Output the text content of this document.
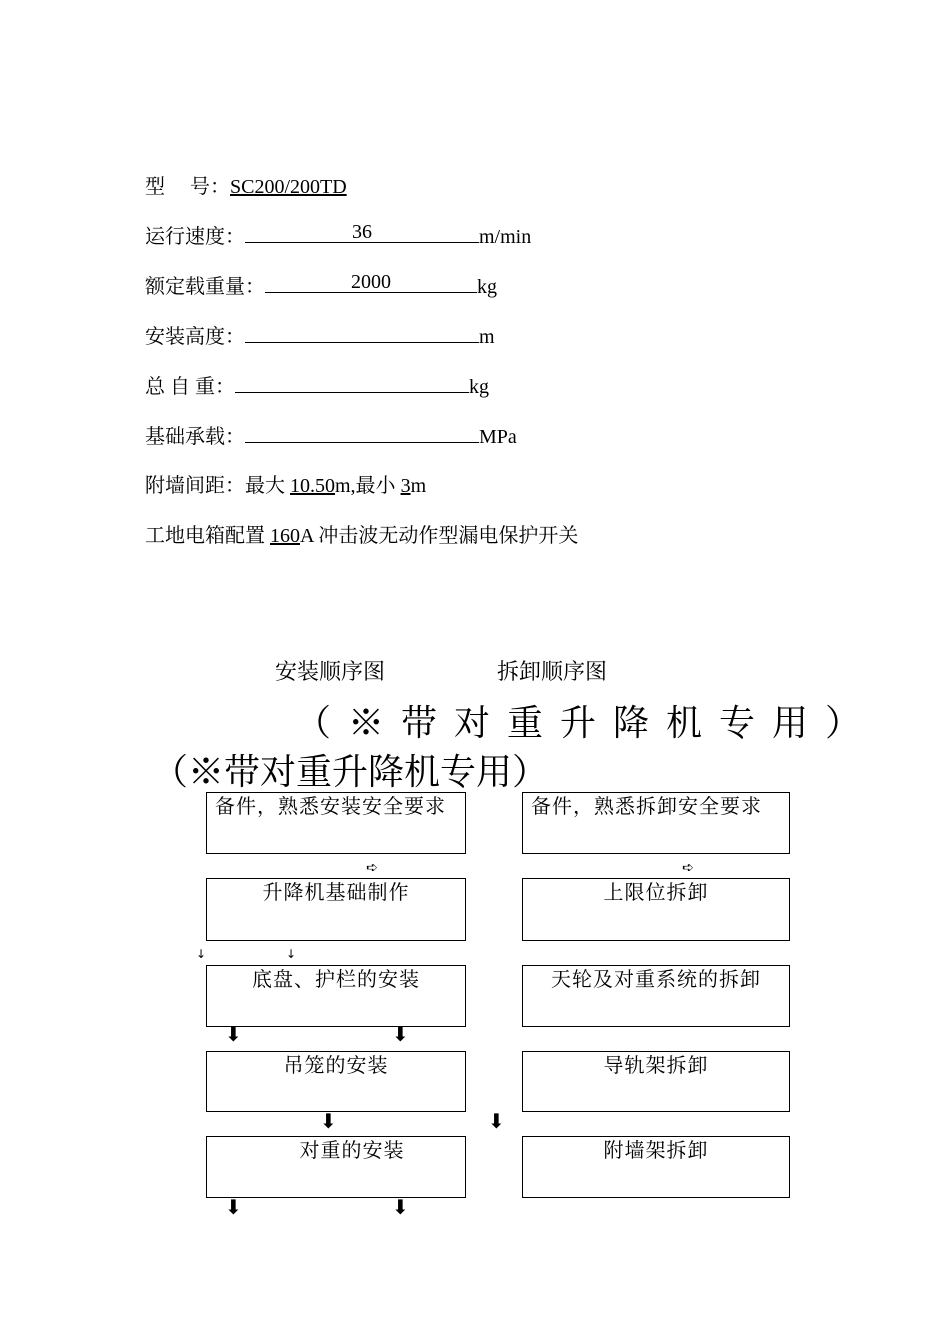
型　 号：SC200/200TD
运行速度：	36	m/min
额定载重量：	2000	kg
安装高度：	m
总 自 重：	kg
基础承载：	MPa
附墙间距：最大 10.50m,最小 3m
工地电箱配置 160A 冲击波无动作型漏电保护开关
安装顺序图	拆卸顺序图
（※带对重升降机专用）
（※带对重升降机专用）
备件，熟悉安装安全要求
升降机基础制作
底盘、护栏的安装
吊笼的安装
对重的安装
备件，熟悉拆卸安全要求
上限位拆卸
天轮及对重系统的拆卸
导轨架拆卸
附墙架拆卸
➪	➪
↓	↓
⬇	⬇
⬇	⬇
⬇	⬇
